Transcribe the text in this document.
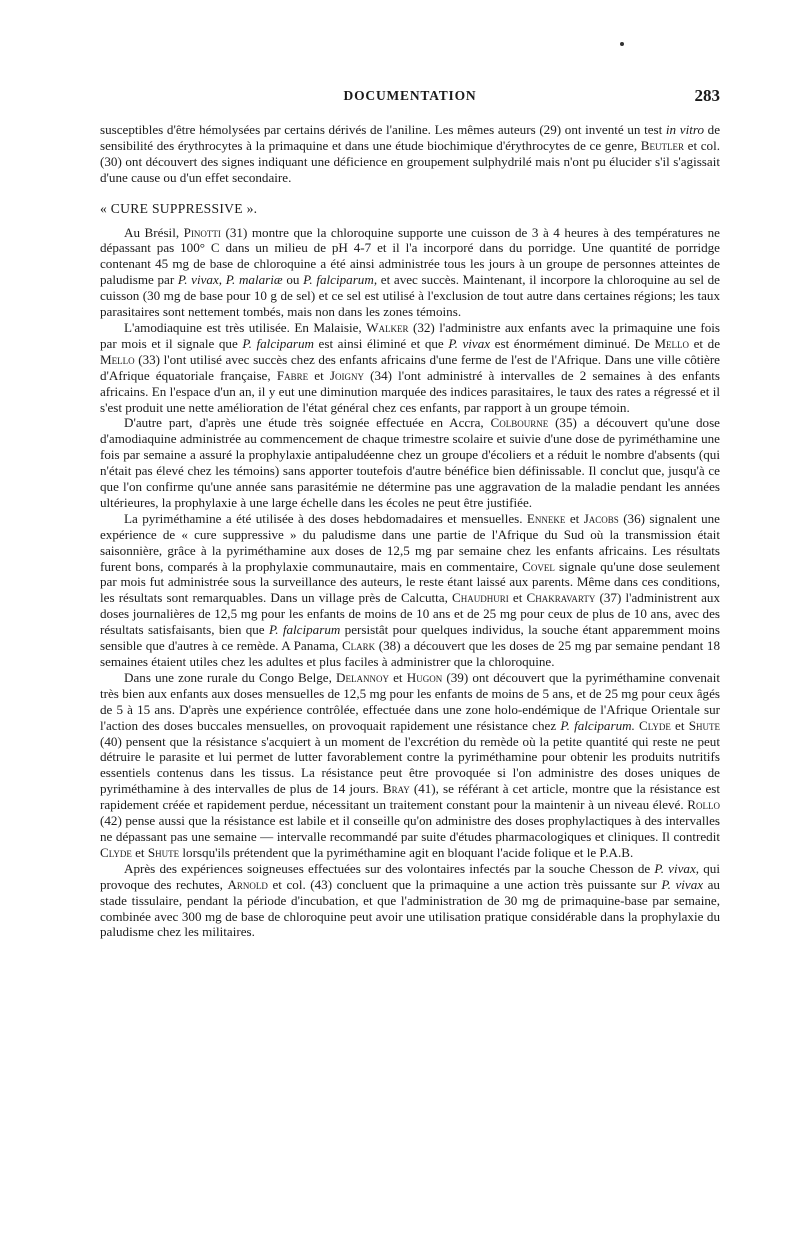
DOCUMENTATION	283

susceptibles d'être hémolysées par certains dérivés de l'aniline. Les mêmes auteurs (29) ont inventé un test in vitro de sensibilité des érythrocytes à la primaquine et dans une étude biochimique d'érythrocytes de ce genre, Beutler et col. (30) ont découvert des signes indiquant une déficience en groupement sulphydrilé mais n'ont pu élucider s'il s'agissait d'une cause ou d'un effet secondaire.

« CURE SUPPRESSIVE ».

Au Brésil, Pinotti (31) montre que la chloroquine supporte une cuisson de 3 à 4 heures à des températures ne dépassant pas 100° C dans un milieu de pH 4-7 et il l'a incorporé dans du porridge. Une quantité de porridge contenant 45 mg de base de chloroquine a été ainsi administrée tous les jours à un groupe de personnes atteintes de paludisme par P. vivax, P. malariæ ou P. falciparum, et avec succès. Maintenant, il incorpore la chloroquine au sel de cuisson (30 mg de base pour 10 g de sel) et ce sel est utilisé à l'exclusion de tout autre dans certaines régions; les taux parasitaires sont nettement tombés, mais non dans les zones témoins.

L'amodiaquine est très utilisée. En Malaisie, Walker (32) l'administre aux enfants avec la primaquine une fois par mois et il signale que P. falciparum est ainsi éliminé et que P. vivax est énormément diminué. De Mello et de Mello (33) l'ont utilisé avec succès chez des enfants africains d'une ferme de l'est de l'Afrique. Dans une ville côtière d'Afrique équatoriale française, Fabre et Joigny (34) l'ont administré à intervalles de 2 semaines à des enfants africains. En l'espace d'un an, il y eut une diminution marquée des indices parasitaires, le taux des rates a régressé et il s'est produit une nette amélioration de l'état général chez ces enfants, par rapport à un groupe témoin.

D'autre part, d'après une étude très soignée effectuée en Accra, Colbourne (35) a découvert qu'une dose d'amodiaquine administrée au commencement de chaque trimestre scolaire et suivie d'une dose de pyriméthamine une fois par semaine a assuré la prophylaxie antipaludéenne chez un groupe d'écoliers et a réduit le nombre d'absents (qui n'était pas élevé chez les témoins) sans apporter toutefois d'autre bénéfice bien définissable. Il conclut que, jusqu'à ce que l'on confirme qu'une année sans parasitémie ne détermine pas une aggravation de la maladie pendant les années ultérieures, la prophylaxie à une large échelle dans les écoles ne peut être justifiée.

La pyriméthamine a été utilisée à des doses hebdomadaires et mensuelles. Enneke et Jacobs (36) signalent une expérience de « cure suppressive » du paludisme dans une partie de l'Afrique du Sud où la transmission était saisonnière, grâce à la pyriméthamine aux doses de 12,5 mg par semaine chez les enfants africains. Les résultats furent bons, comparés à la prophylaxie communautaire, mais en commentaire, Covel signale qu'une dose seulement par mois fut administrée sous la surveillance des auteurs, le reste étant laissé aux parents. Même dans ces conditions, les résultats sont remarquables. Dans un village près de Calcutta, Chaudhuri et Chakravarty (37) l'administrent aux doses journalières de 12,5 mg pour les enfants de moins de 10 ans et de 25 mg pour ceux de plus de 10 ans, avec des résultats satisfaisants, bien que P. falciparum persistât pour quelques individus, la souche étant apparemment moins sensible que d'autres à ce remède. A Panama, Clark (38) a découvert que les doses de 25 mg par semaine pendant 18 semaines étaient utiles chez les adultes et plus faciles à administrer que la chloroquine.

Dans une zone rurale du Congo Belge, Delannoy et Hugon (39) ont découvert que la pyriméthamine convenait très bien aux enfants aux doses mensuelles de 12,5 mg pour les enfants de moins de 5 ans, et de 25 mg pour ceux âgés de 5 à 15 ans. D'après une expérience contrôlée, effectuée dans une zone holo-endémique de l'Afrique Orientale sur l'action des doses buccales mensuelles, on provoquait rapidement une résistance chez P. falciparum. Clyde et Shute (40) pensent que la résistance s'acquiert à un moment de l'excrétion du remède où la petite quantité qui reste ne peut détruire le parasite et lui permet de lutter favorablement contre la pyriméthamine pour obtenir les produits nutritifs essentiels contenus dans les tissus. La résistance peut être provoquée si l'on administre des doses uniques de pyriméthamine à des intervalles de plus de 14 jours. Bray (41), se référant à cet article, montre que la résistance est rapidement créée et rapidement perdue, nécessitant un traitement constant pour la maintenir à un niveau élevé. Rollo (42) pense aussi que la résistance est labile et il conseille qu'on administre des doses prophylactiques à des intervalles ne dépassant pas une semaine — intervalle recommandé par suite d'études pharmacologiques et cliniques. Il contredit Clyde et Shute lorsqu'ils prétendent que la pyriméthamine agit en bloquant l'acide folique et le P.A.B.

Après des expériences soigneuses effectuées sur des volontaires infectés par la souche Chesson de P. vivax, qui provoque des rechutes, Arnold et col. (43) concluent que la primaquine a une action très puissante sur P. vivax au stade tissulaire, pendant la période d'incubation, et que l'administration de 30 mg de primaquine-base par semaine, combinée avec 300 mg de base de chloroquine peut avoir une utilisation pratique considérable dans la prophylaxie du paludisme chez les militaires.
